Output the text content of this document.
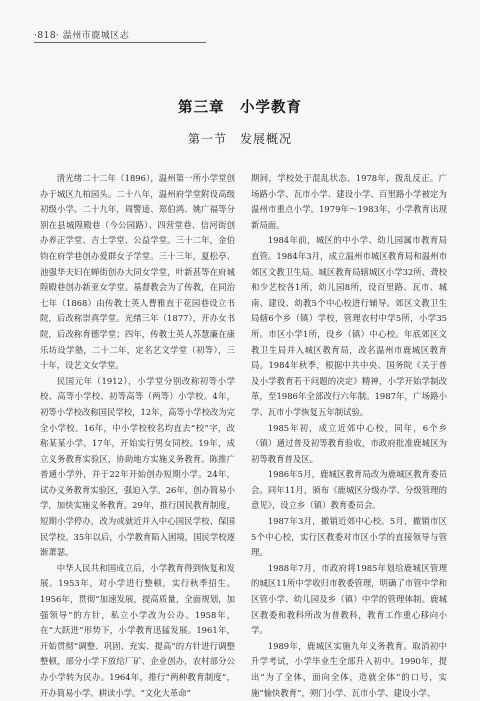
·818· 温州市鹿城区志
第三章　小学教育
第一节　发展概况

清光绪二十二年（1896），温州第一所小学堂创办于城区九柏园头。二十八年，温州府学堂附设高级初级小学。二十九年，周警逵、郑伯鸿、姚广福等分别在县城隍殿巷（今公园路）、四营堂巷、信河街创办养正学堂、吉士学堂、公益学堂。三十二年，金伯钧在府学巷创办爱群女子学堂。三十三年，夏松亭、池强华夫妇在蝉街创办大同女学堂，叶新甚等在府城隍殿巷创办新亚女学堂。基督教会为了传教，在同治七年（1868）由传教士英人曹雅直于花园巷设立书院，后改称崇真学堂。光绪三年（1877），开办女书院，后改称育德学堂；四年，传教士英人苏慧廉在康乐坊设学塾，二十二年，定名艺文学堂（初等），三十年，设艺文女学堂。

民国元年（1912），小学堂分别改称初等小学校、高等小学校、初等高等（两等）小学校。4年，初等小学校改称国民学校，12年，高等小学校改为完全小学校。16年，中小学校校名均直去“校”字，改称某某小学。17年，开始实行男女同校。19年，成立义务教育实验区，协助地方实施义务教育。陈推广普通小学外，并于22年开始创办短期小学。24年，试办义务教育实验区，强迫入学。26年，创办简易小学，加快实施义务教育。29年，推行国民教育制度，短期小学停办，改为或就近并入中心国民学校、保国民学校。35年以后，小学教育陷入困境，国民学校逐渐萧瑟。

中华人民共和国成立后，小学教育得到恢复和发展。1953年，对小学进行整顿，实行秋季招生。1956年，贯彻“加速发展，提高质量，全面规划，加强领导”的方针，私立小学改为公办。1958年，在“大跃进”形势下，小学教育迅猛发展。1961年，开始贯彻“调整、巩固、充实、提高”的方针进行调整整顿，部分小学下放给厂矿、企业创办，农村部分公办小学转为民办。1964年，推行“两种教育制度”，开办简易小学、耕读小学。“文化大革命”

期间，学校处于混乱状态。1978年，拨乱反正。广场路小学、瓦市小学、建设小学、百里路小学被定为温州市重点小学。1979年～1983年，小学教育出现新局面。

1984年前，城区的中小学、幼儿园属市教育局直管。1984年3月，成立温州市城区教育局和温州市郊区文教卫生局。城区教育局辖城区小学32所、聋校和少艺校各1所，幼儿园8所，设百里路、瓦市、城南、建设、幼教5个中心校进行辅导。郊区文教卫生局辖6个乡（镇）学校，管理农村中学5所，小学35所。市区小学1所，设乡（镇）中心校。年底郊区文教卫生局并入城区教育局，改名温州市鹿城区教育局。1984年秋季，根据中共中央、国务院《关于普及小学教育若干问题的决定》精神，小学开始学制改革，至1986年全部改行六年制。1987年，广场路小学、瓦市小学恢复五年制试验。

1985年初，成立近郊中心校，同年，6个乡（镇）通过普及初等教育验收，市政府批准鹿城区为初等教育普及区。

1986年5月，鹿城区教育局改为鹿城区教育委员会。同年11月，颁布《鹿城区分级办学、分级管理的意见》，设立乡（镇）教育委员会。

1987年3月，撤销近郊中心校。5月，撤销市区5个中心校，实行区教委对市区小学的直接领导与管理。

1988年7月，市政府将1985年划给鹿城区管理的城区11所中学收归市教委管理，明确了市管中学和区管小学、幼儿园及乡（镇）中学的管理体制。鹿城区教委和教科所改为普教科，教育工作重心移向小学。

1989年，鹿城区实施九年义务教育。取消初中升学考试，小学毕业生全部升入初中。1990年，提出“为了全体，面向全体，造就全体”的口号，实施“愉快教育”，朔门小学、瓦市小学、建设小学、
